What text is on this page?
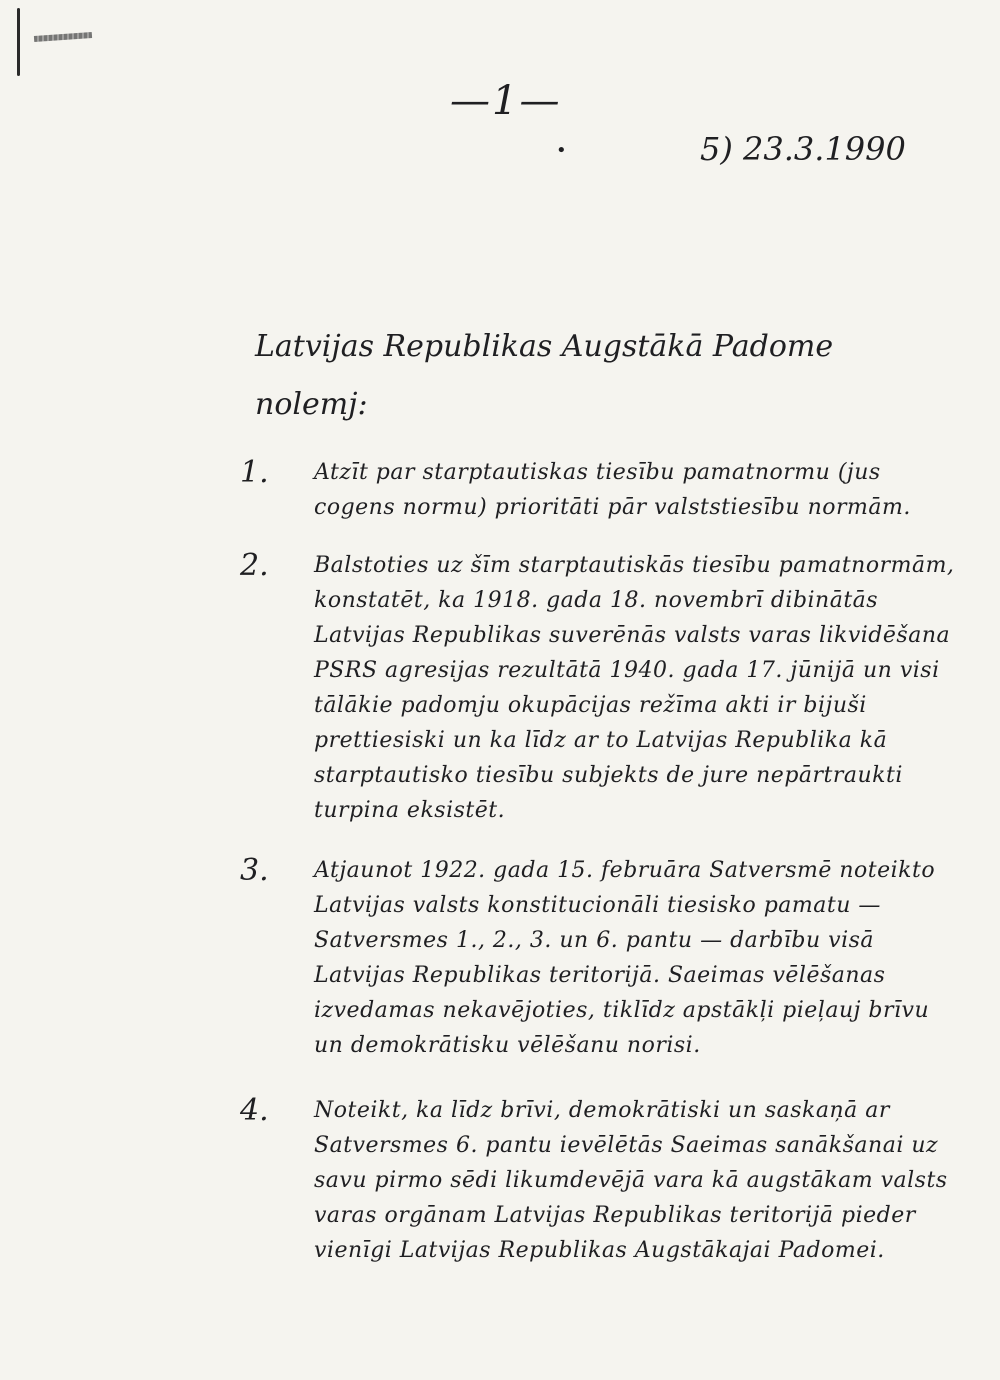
—1—
•	5) 23.3.1990
Latvijas Republikas Augstākā Padome nolemj:
1. Atzīt par starptautiskas tiesību pamatnormu (jus cogens normu) prioritāti pār valststiesību normām.
2. Balstoties uz šīm starptautiskās tiesību pamatnormām, konstatēt, ka 1918. gada 18. novembrī dibinātās Latvijas Republikas suverēnās valsts varas likvidēšana PSRS agresijas rezultātā 1940. gada 17. jūnijā un visi tālākie padomju okupācijas režīma akti ir bijuši prettiesiski un ka līdz ar to Latvijas Republika kā starptautisko tiesību subjekts de jure nepārtraukti turpina eksistēt.
3. Atjaunot 1922. gada 15. februāra Satversmē noteikto Latvijas valsts konstitucionāli tiesisko pamatu — Satversmes 1., 2., 3. un 6. pantu — darbību visā Latvijas Republikas teritorijā. Saeimas vēlēšanas izvedamas nekavējoties, tiklīdz apstākļi pieļauj brīvu un demokrātisku vēlēšanu norisi.
4. Noteikt, ka līdz brīvi, demokrātiski un saskaņā ar Satversmes 6. pantu ievēlētās Saeimas sanākšanai uz savu pirmo sēdi likumdevējā vara kā augstākam valsts varas orgānam Latvijas Republikas teritorijā pieder vienīgi Latvijas Republikas Augstākajai Padomei.
